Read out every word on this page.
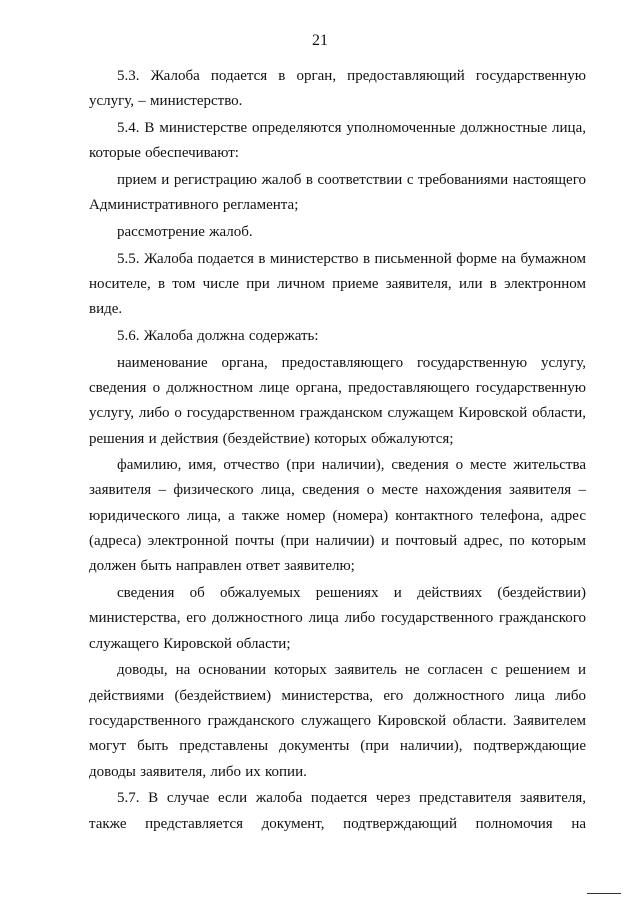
21

5.3. Жалоба подается в орган, предоставляющий государственную услугу, – министерство.

5.4. В министерстве определяются уполномоченные должностные лица, которые обеспечивают:

прием и регистрацию жалоб в соответствии с требованиями настоящего Административного регламента;

рассмотрение жалоб.

5.5. Жалоба подается в министерство в письменной форме на бумажном носителе, в том числе при личном приеме заявителя, или в электронном виде.

5.6. Жалоба должна содержать:

наименование органа, предоставляющего государственную услугу, сведения о должностном лице органа, предоставляющего государственную услугу, либо о государственном гражданском служащем Кировской области, решения и действия (бездействие) которых обжалуются;

фамилию, имя, отчество (при наличии), сведения о месте жительства заявителя – физического лица, сведения о месте нахождения заявителя – юридического лица, а также номер (номера) контактного телефона, адрес (адреса) электронной почты (при наличии) и почтовый адрес, по которым должен быть направлен ответ заявителю;

сведения об обжалуемых решениях и действиях (бездействии) министерства, его должностного лица либо государственного гражданского служащего Кировской области;

доводы, на основании которых заявитель не согласен с решением и действиями (бездействием) министерства, его должностного лица либо государственного гражданского служащего Кировской области. Заявителем могут быть представлены документы (при наличии), подтверждающие доводы заявителя, либо их копии.

5.7. В случае если жалоба подается через представителя заявителя, также представляется документ, подтверждающий полномочия на
